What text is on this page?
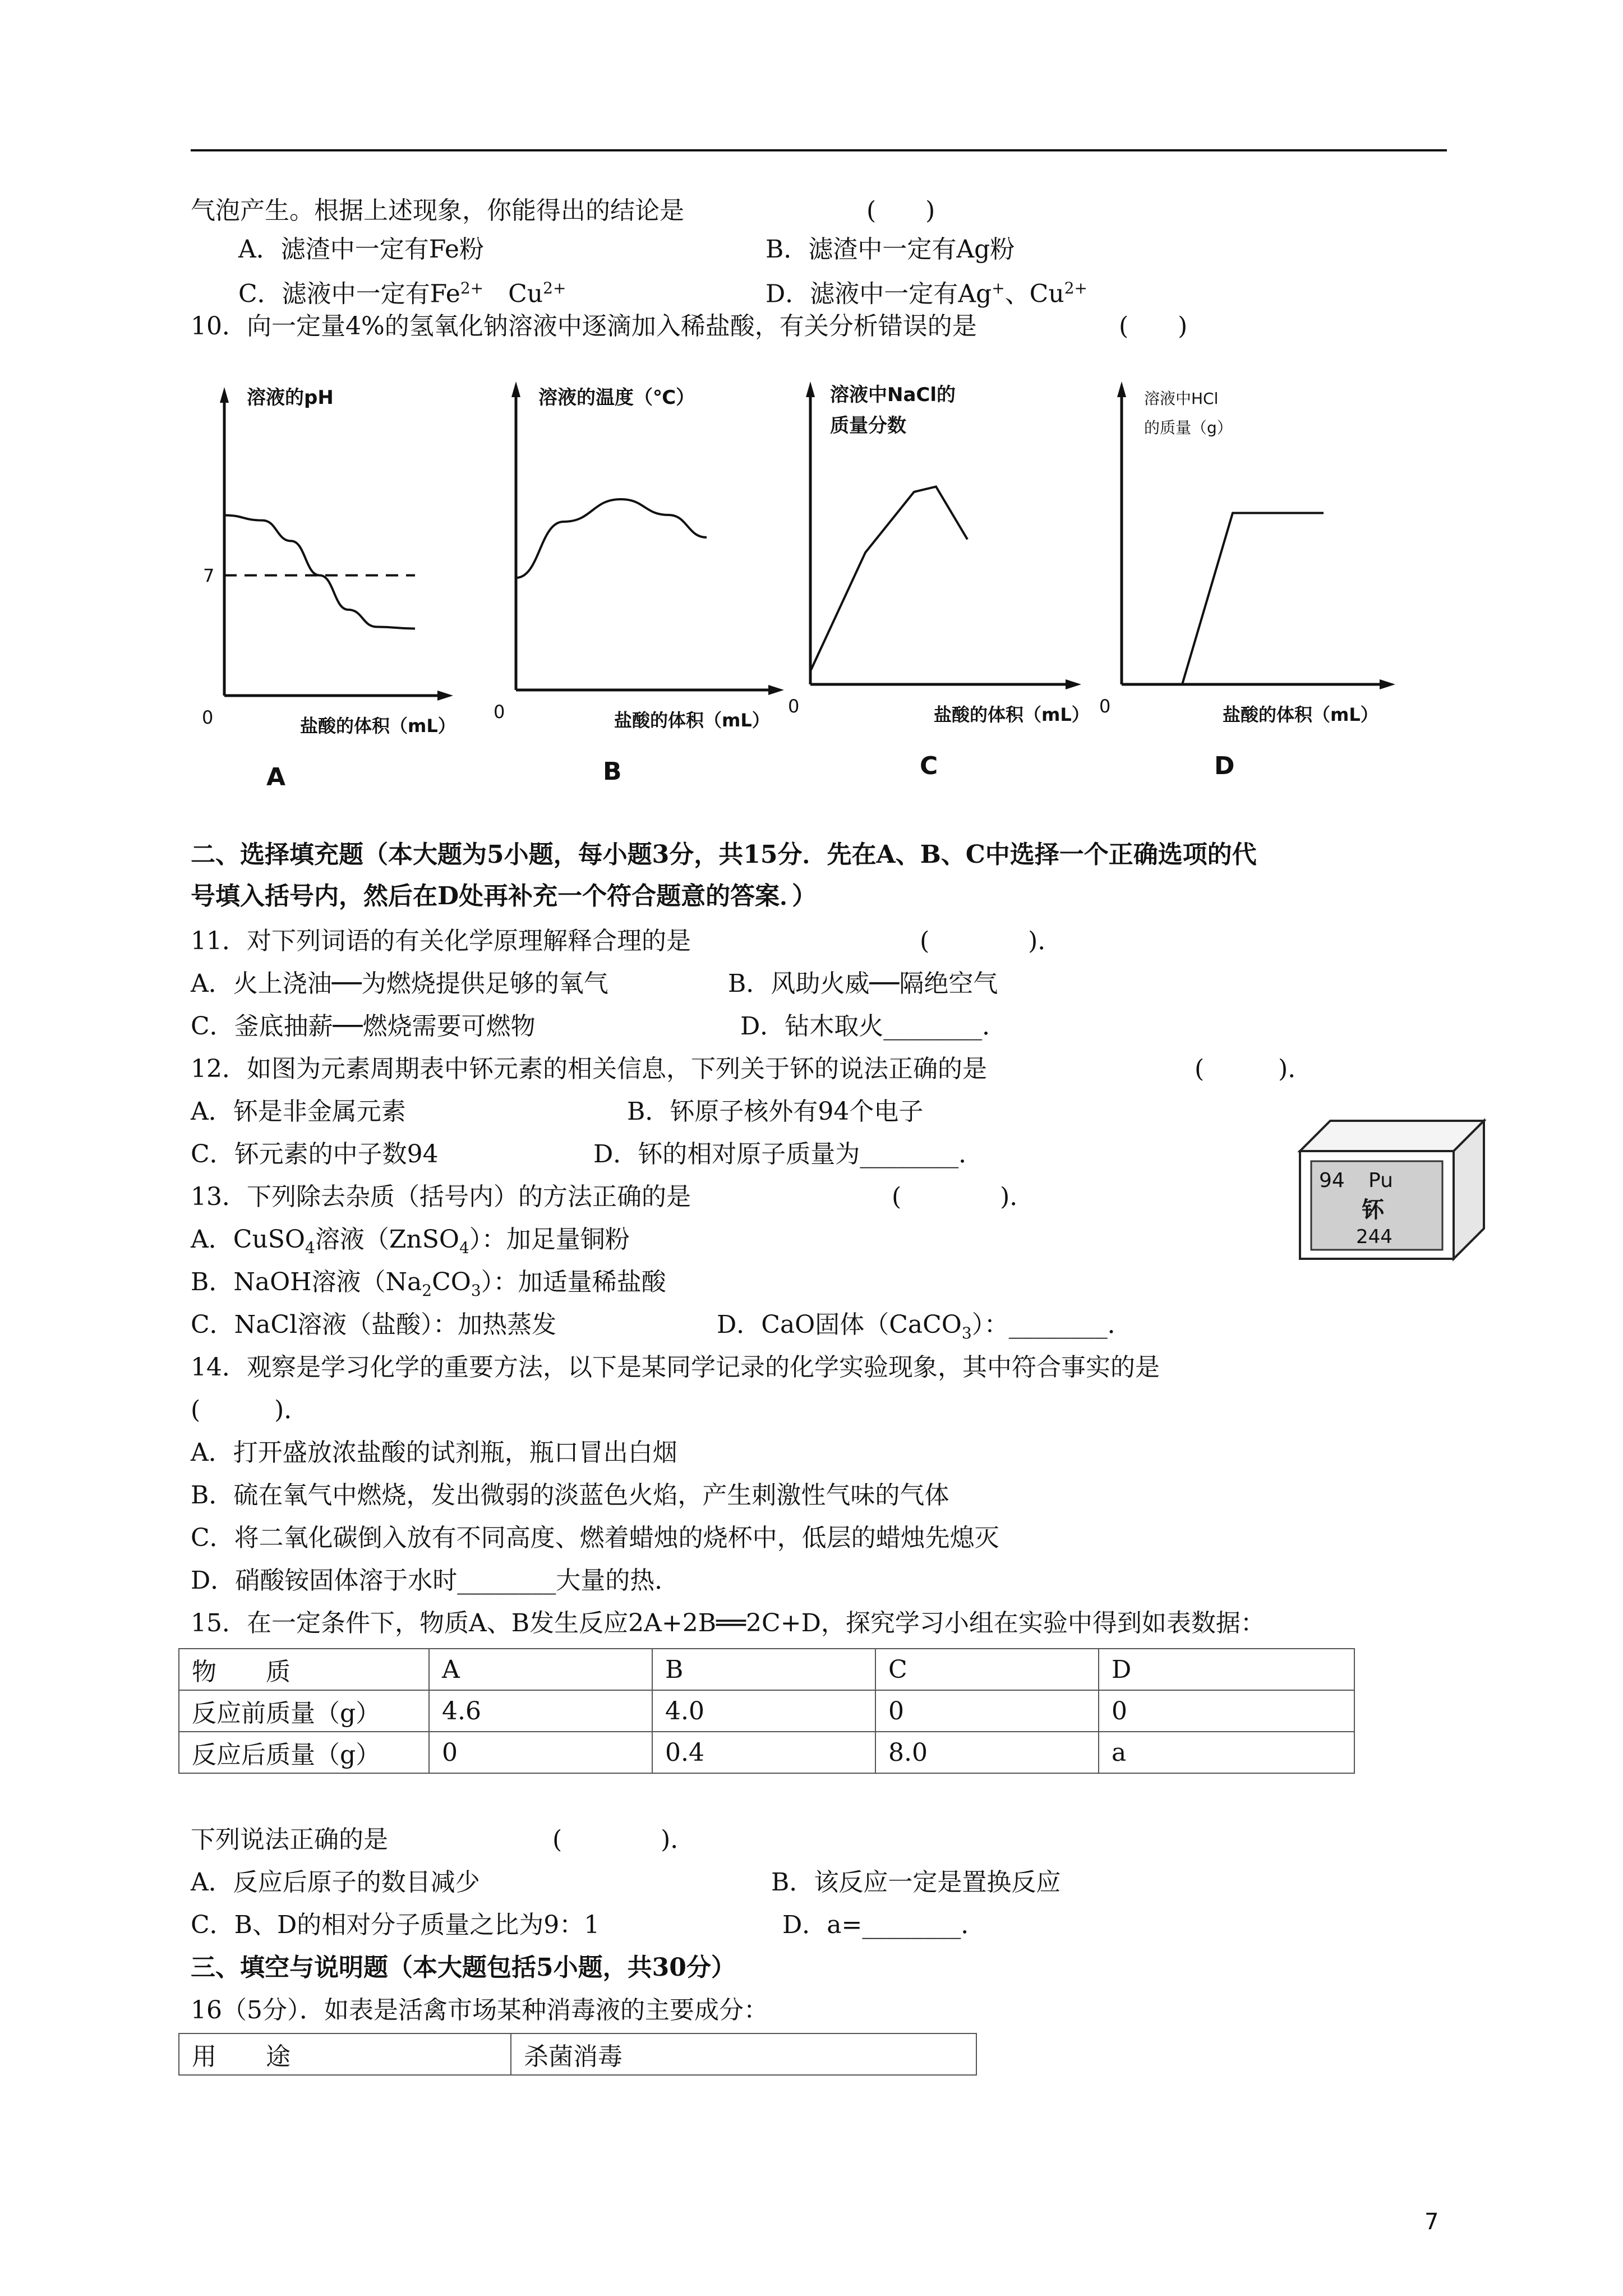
气泡产生。根据上述现象，你能得出的结论是	(　　)
A．滤渣中一定有Fe粉	B．滤渣中一定有Ag粉
C．滤液中一定有$Fe^{2+}$　$Cu^{2+}$	D．滤液中一定有Ag+、$Cu^{2+}$
10．向一定量4%的氢氧化钠溶液中逐滴加入稀盐酸，有关分析错误的是	(　　)
0
溶液的pH
盐酸的体积（mL）
7
A
0
溶液的温度（℃）
盐酸的体积（mL）
B
0
溶液中NaCl的
质量分数
盐酸的体积（mL）
C
0
溶液中HCl
的质量（g）
盐酸的体积（mL）
D
二、选择填充题（本大题为5小题，每小题3分，共15分．先在A、B、C中选择一个正确选项的代
号填入括号内，然后在D处再补充一个符合题意的答案．）
11．对下列词语的有关化学原理解释合理的是	(　　　　)．
A．火上浇油──为燃烧提供足够的氧气	B．风助火威──隔绝空气
C．釜底抽薪──燃烧需要可燃物	D．钻木取火________．
12．如图为元素周期表中钚元素的相关信息，下列关于钚的说法正确的是	(　　　)．
A．钚是非金属元素	B．钚原子核外有94个电子
C．钚元素的中子数94	D．钚的相对原子质量为________．
94 Pu
钚
244
13．下列除去杂质（括号内）的方法正确的是	(　　　　)．
A．CuSO$_4$溶液（ZnSO$_4$）：加足量铜粉
B．NaOH溶液$(Na_2CO_3)$：加适量稀盐酸
C．NaCl溶液（盐酸）：加热蒸发	D．CaO固体（CaCO$_3$）：________．
14．观察是学习化学的重要方法，以下是某同学记录的化学实验现象，其中符合事实的是
(　　　)．
A．打开盛放浓盐酸的试剂瓶，瓶口冒出白烟
B．硫在氧气中燃烧，发出微弱的淡蓝色火焰，产生刺激性气味的气体
C．将二氧化碳倒入放有不同高度、燃着蜡烛的烧杯中，低层的蜡烛先熄灭
D．硝酸铵固体溶于水时________大量的热．
15．在一定条件下，物质A、B发生反应2A+2B══2C+D，探究学习小组在实验中得到如表数据：
物　　质	A	B	C	D
反应前质量（g）	4.6	4.0	0	0
反应后质量（g）	0	0.4	8.0	a
下列说法正确的是	(　　　　)．
A．反应后原子的数目减少	B．该反应一定是置换反应
C．B、D的相对分子质量之比为9：1	D．a=________．
三、填空与说明题（本大题包括5小题，共30分）
16（5分）．如表是活禽市场某种消毒液的主要成分：
用　　途	杀菌消毒
7
